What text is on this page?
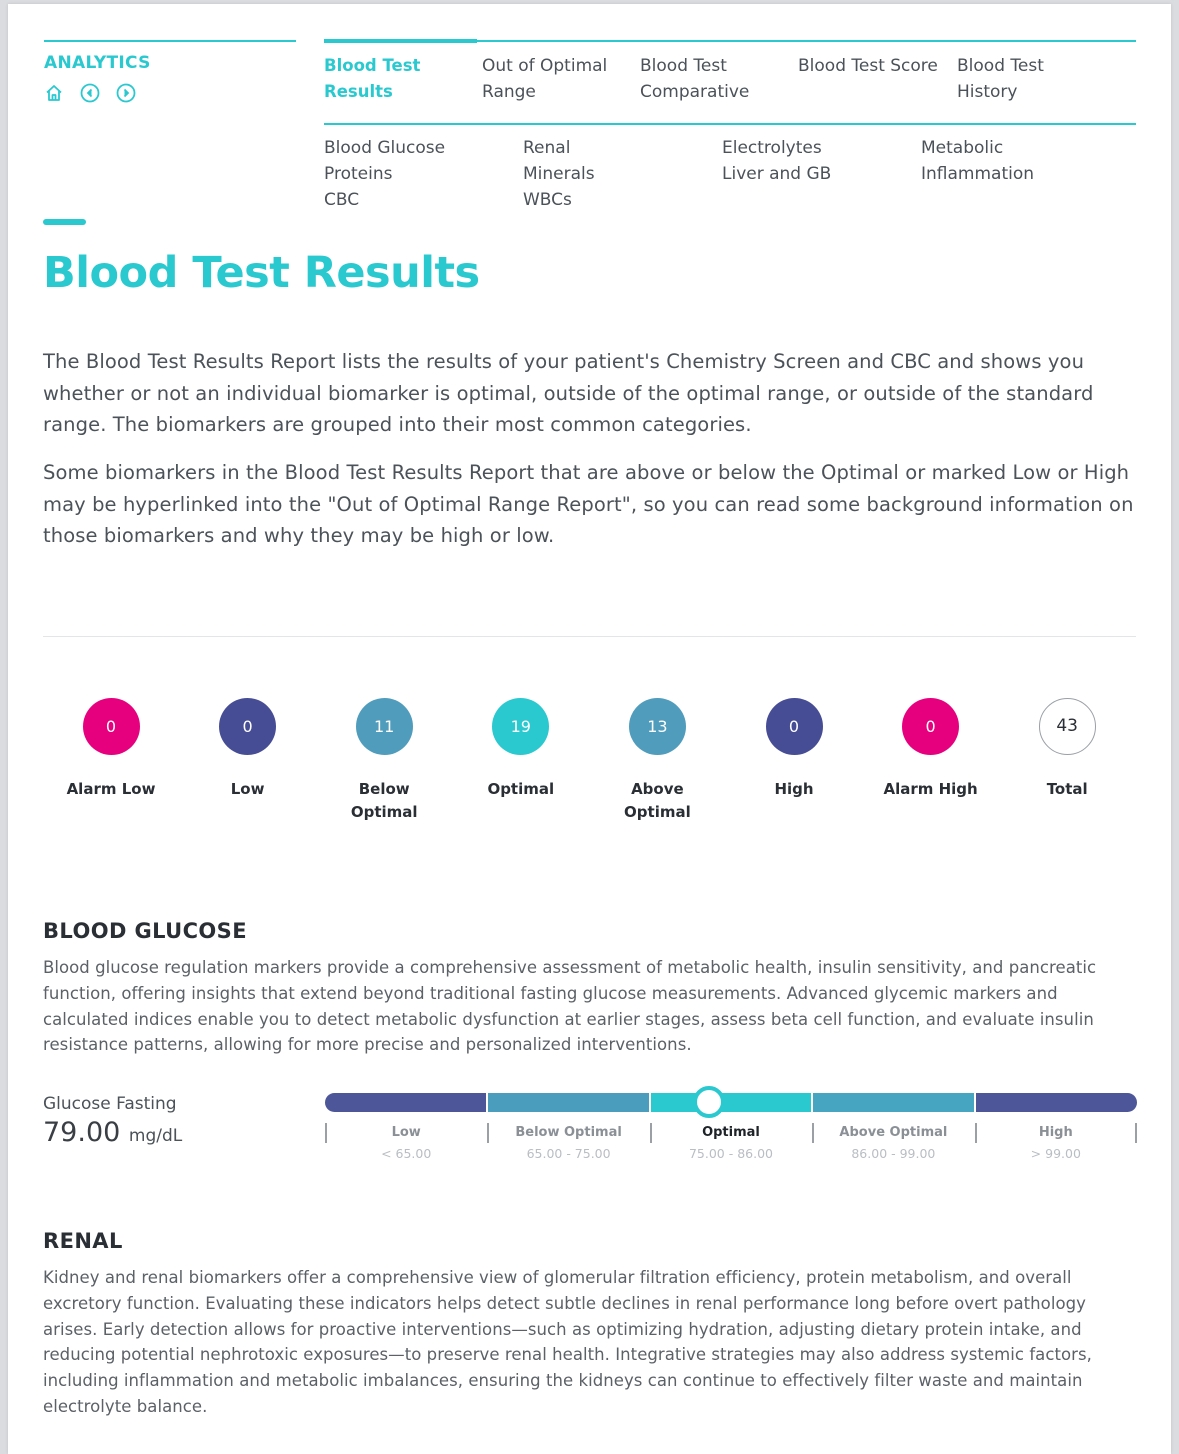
ANALYTICS	Blood Test Results
Out of Optimal Range
Blood Test Comparative
Blood Test Score	Blood Test History
Blood Glucose
Proteins
CBC
Renal
Minerals
WBCs
Electrolytes
Liver and GB
Metabolic
Inflammation
Blood Test Results

The Blood Test Results Report lists the results of your patient's Chemistry Screen and CBC and shows you whether or not an individual biomarker is optimal, outside of the optimal range, or outside of the standard range. The biomarkers are grouped into their most common categories.

Some biomarkers in the Blood Test Results Report that are above or below the Optimal or marked Low or High may be hyperlinked into the "Out of Optimal Range Report", so you can read some background information on those biomarkers and why they may be high or low.

0
Alarm Low
0
Low
11
Below Optimal
19
Optimal
13
Above Optimal
0
High
0
Alarm High
43
Total
BLOOD GLUCOSE

Blood glucose regulation markers provide a comprehensive assessment of metabolic health, insulin sensitivity, and pancreatic function, offering insights that extend beyond traditional fasting glucose measurements. Advanced glycemic markers and calculated indices enable you to detect metabolic dysfunction at earlier stages, assess beta cell function, and evaluate insulin resistance patterns, allowing for more precise and personalized interventions.

Glucose Fasting
79.00 mg/dL	Low
< 65.00
Below Optimal
65.00 - 75.00
Optimal
75.00 - 86.00
Above Optimal
86.00 - 99.00
High
> 99.00
RENAL

Kidney and renal biomarkers offer a comprehensive view of glomerular filtration efficiency, protein metabolism, and overall excretory function. Evaluating these indicators helps detect subtle declines in renal performance long before overt pathology arises. Early detection allows for proactive interventions—such as optimizing hydration, adjusting dietary protein intake, and reducing potential nephrotoxic exposures—to preserve renal health. Integrative strategies may also address systemic factors, including inflammation and metabolic imbalances, ensuring the kidneys can continue to effectively filter waste and maintain electrolyte balance.
